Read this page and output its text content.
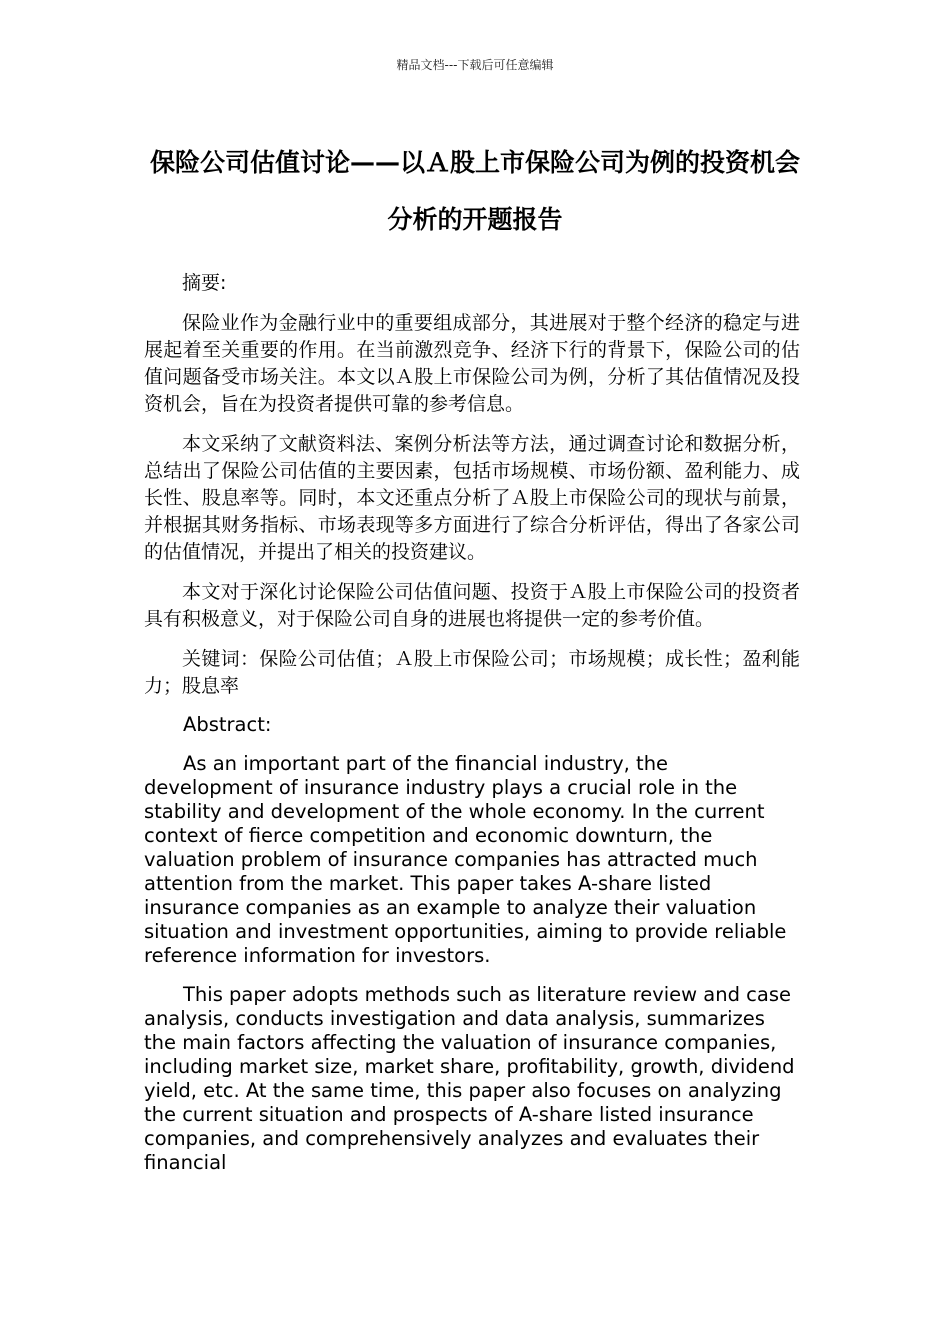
精品文档---下载后可任意编辑
保险公司估值讨论——以Ａ股上市保险公司为例的投资机会分析的开题报告

摘要:

保险业作为金融行业中的重要组成部分，其进展对于整个经济的稳定与进展起着至关重要的作用。在当前激烈竞争、经济下行的背景下，保险公司的估值问题备受市场关注。本文以Ａ股上市保险公司为例，分析了其估值情况及投资机会，旨在为投资者提供可靠的参考信息。

本文采纳了文献资料法、案例分析法等方法，通过调查讨论和数据分析，总结出了保险公司估值的主要因素，包括市场规模、市场份额、盈利能力、成长性、股息率等。同时，本文还重点分析了Ａ股上市保险公司的现状与前景，并根据其财务指标、市场表现等多方面进行了综合分析评估，得出了各家公司的估值情况，并提出了相关的投资建议。

本文对于深化讨论保险公司估值问题、投资于Ａ股上市保险公司的投资者具有积极意义，对于保险公司自身的进展也将提供一定的参考价值。

关键词：保险公司估值；Ａ股上市保险公司；市场规模；成长性；盈利能力；股息率

Abstract:

As an important part of the financial industry, the development of insurance industry plays a crucial role in the stability and development of the whole economy. In the current context of fierce competition and economic downturn, the valuation problem of insurance companies has attracted much attention from the market. This paper takes A-share listed insurance companies as an example to analyze their valuation situation and investment opportunities, aiming to provide reliable reference information for investors.

This paper adopts methods such as literature review and case analysis, conducts investigation and data analysis, summarizes the main factors affecting the valuation of insurance companies, including market size, market share, profitability, growth, dividend yield, etc. At the same time, this paper also focuses on analyzing the current situation and prospects of A-share listed insurance companies, and comprehensively analyzes and evaluates their financial
